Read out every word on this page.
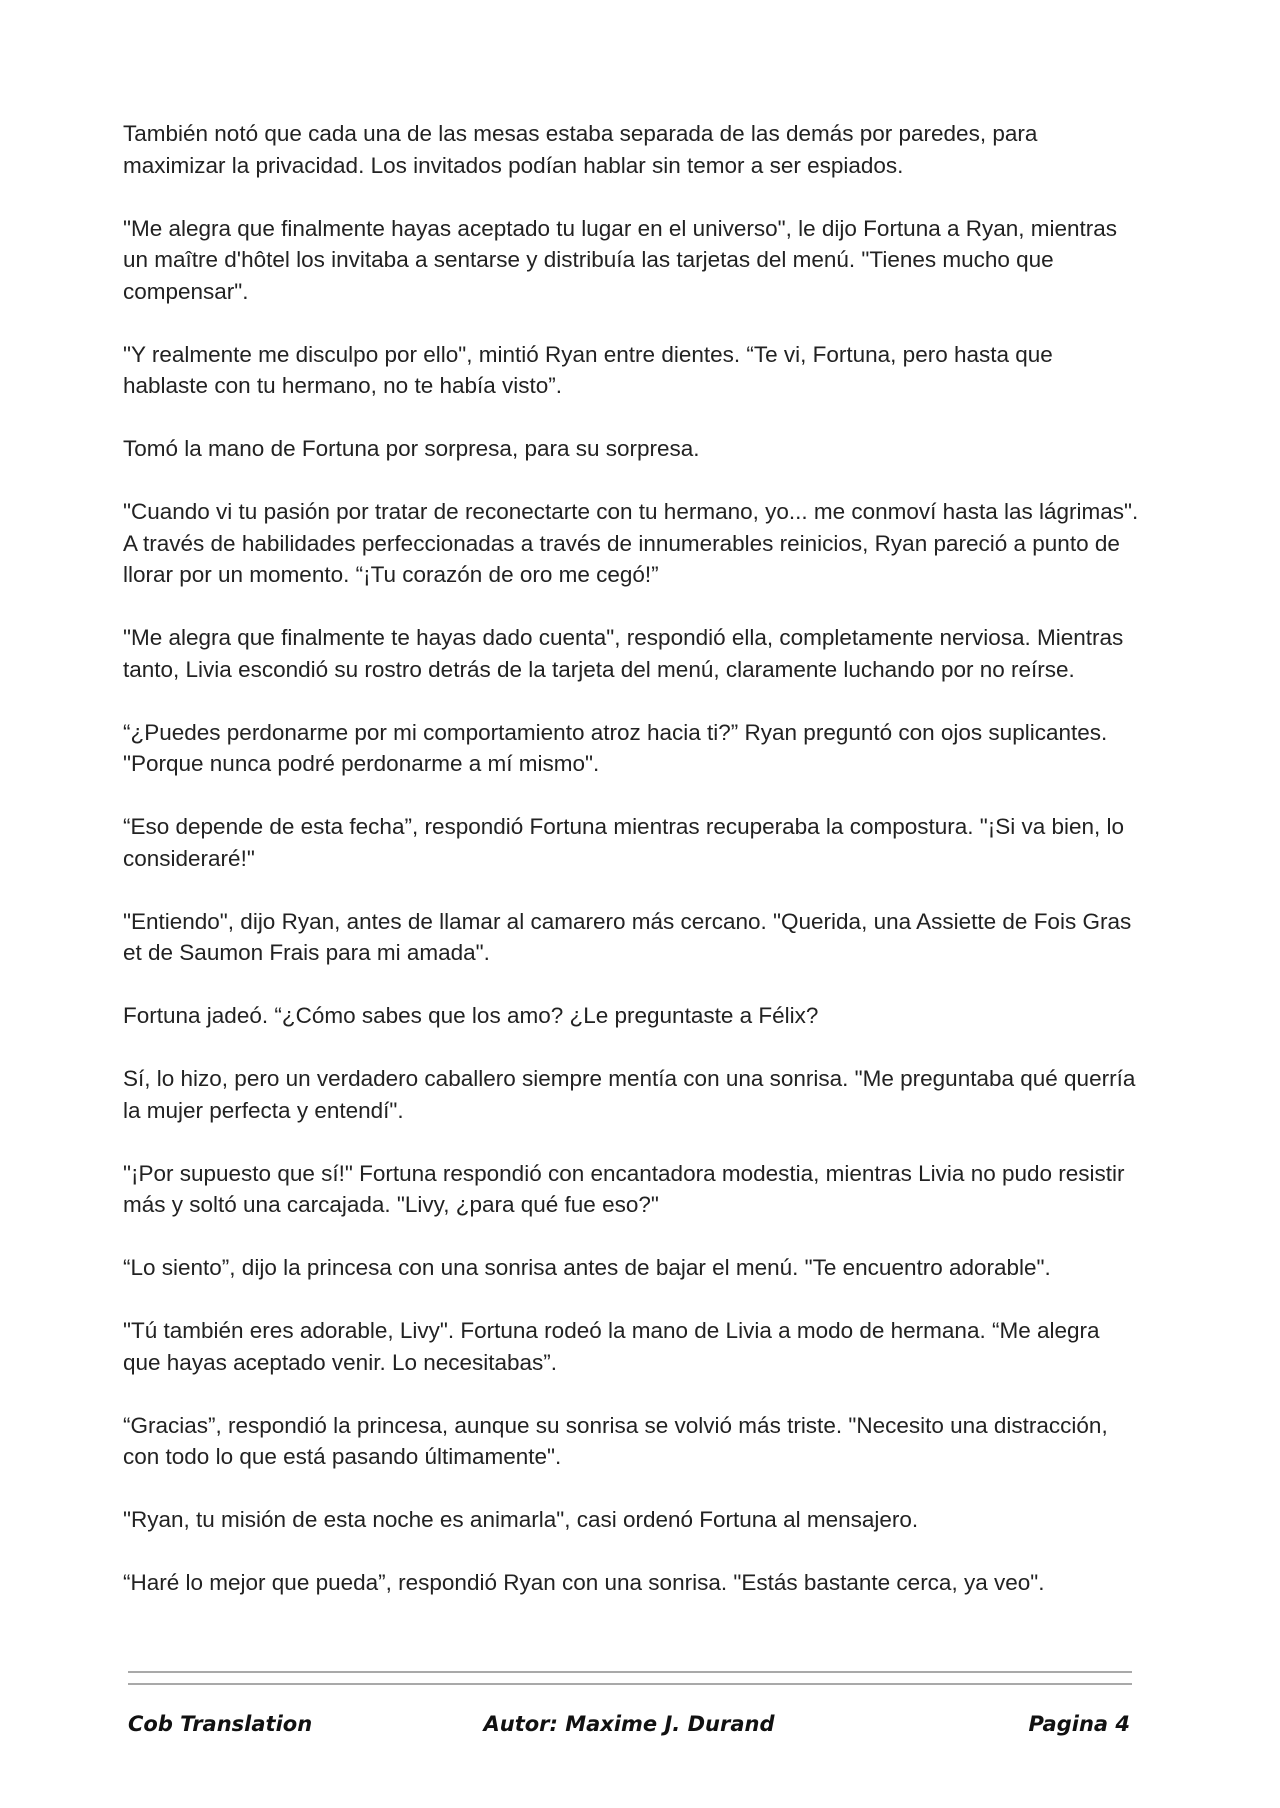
También notó que cada una de las mesas estaba separada de las demás por paredes, para maximizar la privacidad. Los invitados podían hablar sin temor a ser espiados.

"Me alegra que finalmente hayas aceptado tu lugar en el universo", le dijo Fortuna a Ryan, mientras un maître d'hôtel los invitaba a sentarse y distribuía las tarjetas del menú. "Tienes mucho que compensar".

"Y realmente me disculpo por ello", mintió Ryan entre dientes. “Te vi, Fortuna, pero hasta que hablaste con tu hermano, no te había visto”.

Tomó la mano de Fortuna por sorpresa, para su sorpresa.

"Cuando vi tu pasión por tratar de reconectarte con tu hermano, yo... me conmoví hasta las lágrimas". A través de habilidades perfeccionadas a través de innumerables reinicios, Ryan pareció a punto de llorar por un momento. “¡Tu corazón de oro me cegó!”

"Me alegra que finalmente te hayas dado cuenta", respondió ella, completamente nerviosa. Mientras tanto, Livia escondió su rostro detrás de la tarjeta del menú, claramente luchando por no reírse.

“¿Puedes perdonarme por mi comportamiento atroz hacia ti?” Ryan preguntó con ojos suplicantes. "Porque nunca podré perdonarme a mí mismo".

“Eso depende de esta fecha”, respondió Fortuna mientras recuperaba la compostura. "¡Si va bien, lo consideraré!"

"Entiendo", dijo Ryan, antes de llamar al camarero más cercano. "Querida, una Assiette de Fois Gras et de Saumon Frais para mi amada".

Fortuna jadeó. “¿Cómo sabes que los amo? ¿Le preguntaste a Félix?

Sí, lo hizo, pero un verdadero caballero siempre mentía con una sonrisa. "Me preguntaba qué querría la mujer perfecta y entendí".

"¡Por supuesto que sí!" Fortuna respondió con encantadora modestia, mientras Livia no pudo resistir más y soltó una carcajada. "Livy, ¿para qué fue eso?"

“Lo siento”, dijo la princesa con una sonrisa antes de bajar el menú. "Te encuentro adorable".

"Tú también eres adorable, Livy". Fortuna rodeó la mano de Livia a modo de hermana. “Me alegra que hayas aceptado venir. Lo necesitabas”.

“Gracias”, respondió la princesa, aunque su sonrisa se volvió más triste. "Necesito una distracción, con todo lo que está pasando últimamente".

"Ryan, tu misión de esta noche es animarla", casi ordenó Fortuna al mensajero.

“Haré lo mejor que pueda”, respondió Ryan con una sonrisa. "Estás bastante cerca, ya veo".

Cob Translation	Autor: Maxime J. Durand	Pagina 4
